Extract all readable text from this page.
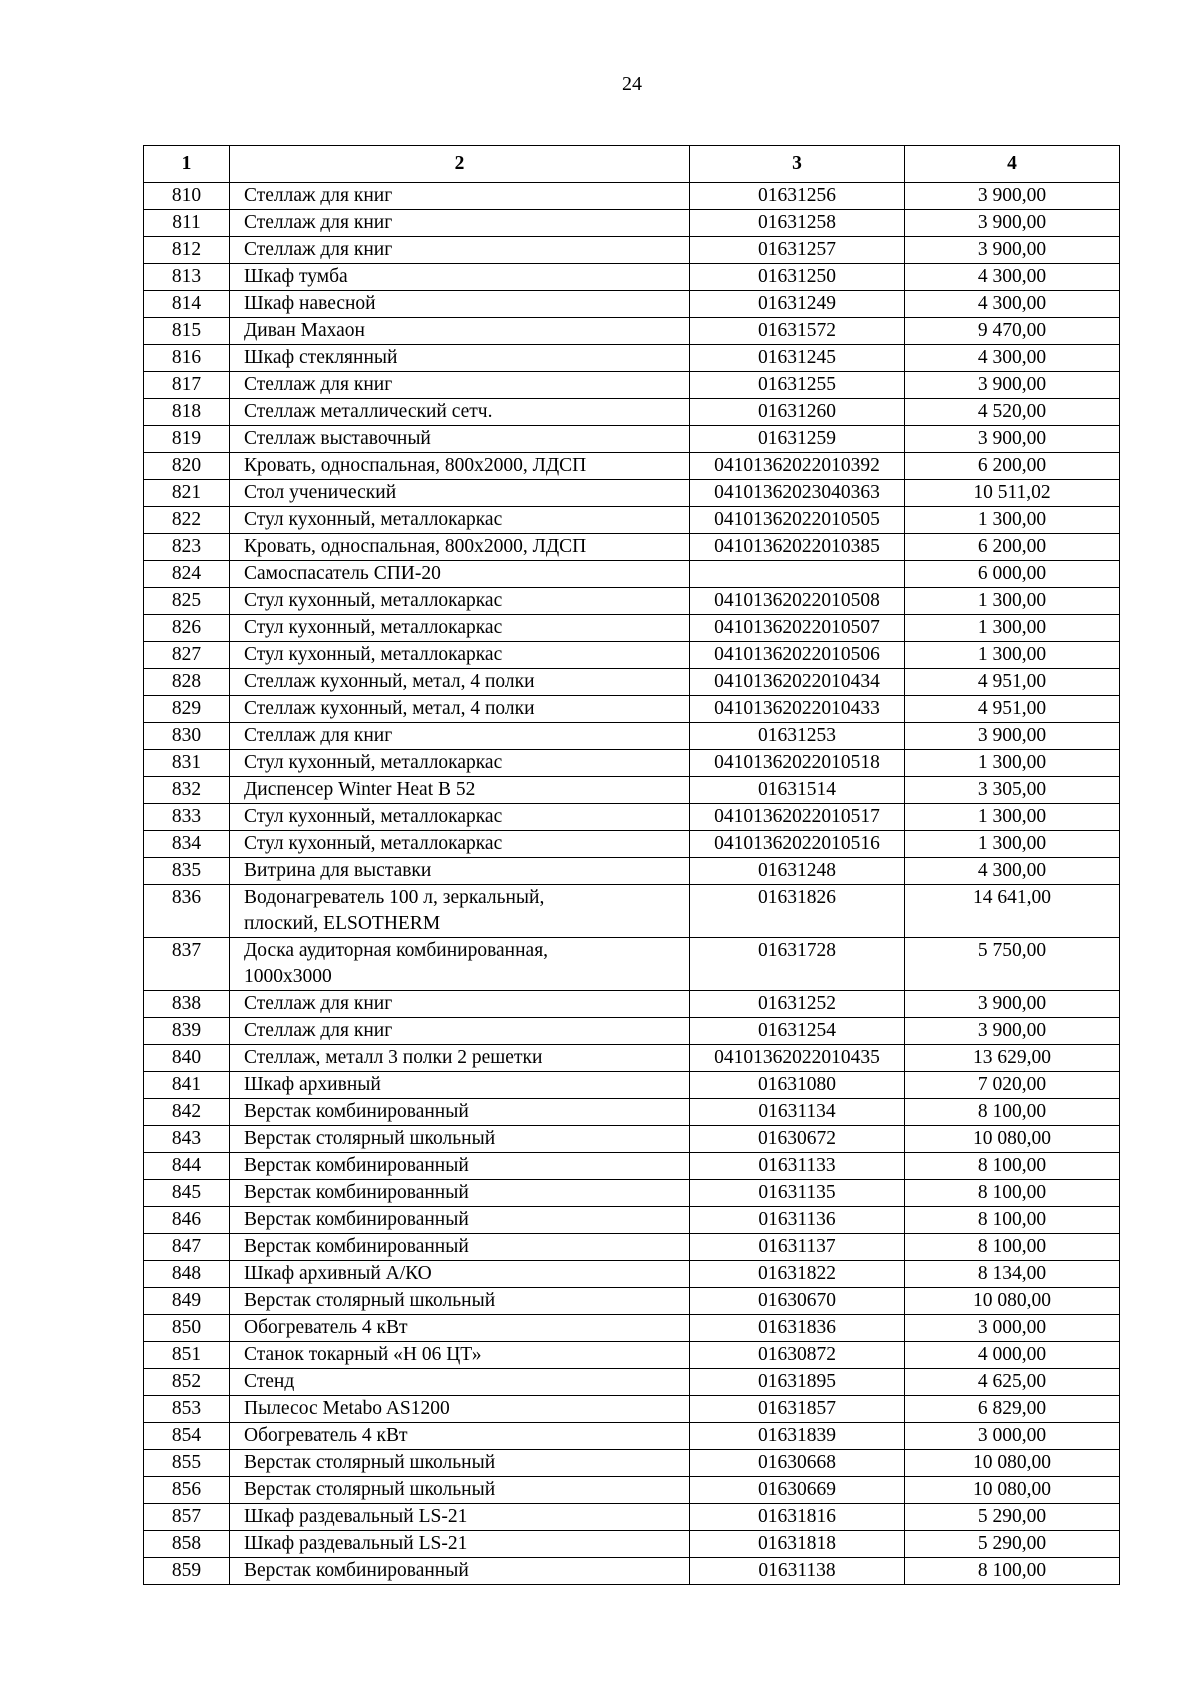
24
1	2	3	4
810	Стеллаж для книг	01631256	3 900,00
811	Стеллаж для книг	01631258	3 900,00
812	Стеллаж для книг	01631257	3 900,00
813	Шкаф тумба	01631250	4 300,00
814	Шкаф навесной	01631249	4 300,00
815	Диван Махаон	01631572	9 470,00
816	Шкаф стеклянный	01631245	4 300,00
817	Стеллаж для книг	01631255	3 900,00
818	Стеллаж металлический сетч.	01631260	4 520,00
819	Стеллаж выставочный	01631259	3 900,00
820	Кровать, односпальная, 800х2000, ЛДСП	04101362022010392	6 200,00
821	Стол ученический	04101362023040363	10 511,02
822	Стул кухонный, металлокаркас	04101362022010505	1 300,00
823	Кровать, односпальная, 800х2000, ЛДСП	04101362022010385	6 200,00
824	Самоспасатель СПИ-20		6 000,00
825	Стул кухонный, металлокаркас	04101362022010508	1 300,00
826	Стул кухонный, металлокаркас	04101362022010507	1 300,00
827	Стул кухонный, металлокаркас	04101362022010506	1 300,00
828	Стеллаж кухонный, метал, 4 полки	04101362022010434	4 951,00
829	Стеллаж кухонный, метал, 4 полки	04101362022010433	4 951,00
830	Стеллаж для книг	01631253	3 900,00
831	Стул кухонный, металлокаркас	04101362022010518	1 300,00
832	Диспенсер Winter Heat B 52	01631514	3 305,00
833	Стул кухонный, металлокаркас	04101362022010517	1 300,00
834	Стул кухонный, металлокаркас	04101362022010516	1 300,00
835	Витрина для выставки	01631248	4 300,00
836	Водонагреватель 100 л, зеркальный,
плоский, ELSOTHERM	01631826	14 641,00
837	Доска аудиторная комбинированная,
1000х3000	01631728	5 750,00
838	Стеллаж для книг	01631252	3 900,00
839	Стеллаж для книг	01631254	3 900,00
840	Стеллаж, металл 3 полки 2 решетки	04101362022010435	13 629,00
841	Шкаф архивный	01631080	7 020,00
842	Верстак комбинированный	01631134	8 100,00
843	Верстак столярный школьный	01630672	10 080,00
844	Верстак комбинированный	01631133	8 100,00
845	Верстак комбинированный	01631135	8 100,00
846	Верстак комбинированный	01631136	8 100,00
847	Верстак комбинированный	01631137	8 100,00
848	Шкаф архивный А/КО	01631822	8 134,00
849	Верстак столярный школьный	01630670	10 080,00
850	Обогреватель 4 кВт	01631836	3 000,00
851	Станок токарный «Н 06 ЦТ»	01630872	4 000,00
852	Стенд	01631895	4 625,00
853	Пылесос Metabo AS1200	01631857	6 829,00
854	Обогреватель 4 кВт	01631839	3 000,00
855	Верстак столярный школьный	01630668	10 080,00
856	Верстак столярный школьный	01630669	10 080,00
857	Шкаф раздевальный LS-21	01631816	5 290,00
858	Шкаф раздевальный LS-21	01631818	5 290,00
859	Верстак комбинированный	01631138	8 100,00
